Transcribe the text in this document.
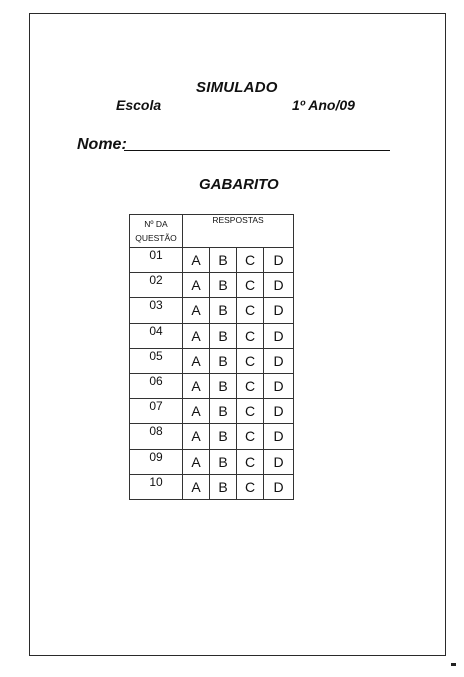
SIMULADO
Escola	1º Ano/09
Nome:
GABARITO
Nº DA
QUESTÃO	RESPOSTAS			
01	A	B	C	D
02	A	B	C	D
03	A	B	C	D
04	A	B	C	D
05	A	B	C	D
06	A	B	C	D
07	A	B	C	D
08	A	B	C	D
09	A	B	C	D
10	A	B	C	D
